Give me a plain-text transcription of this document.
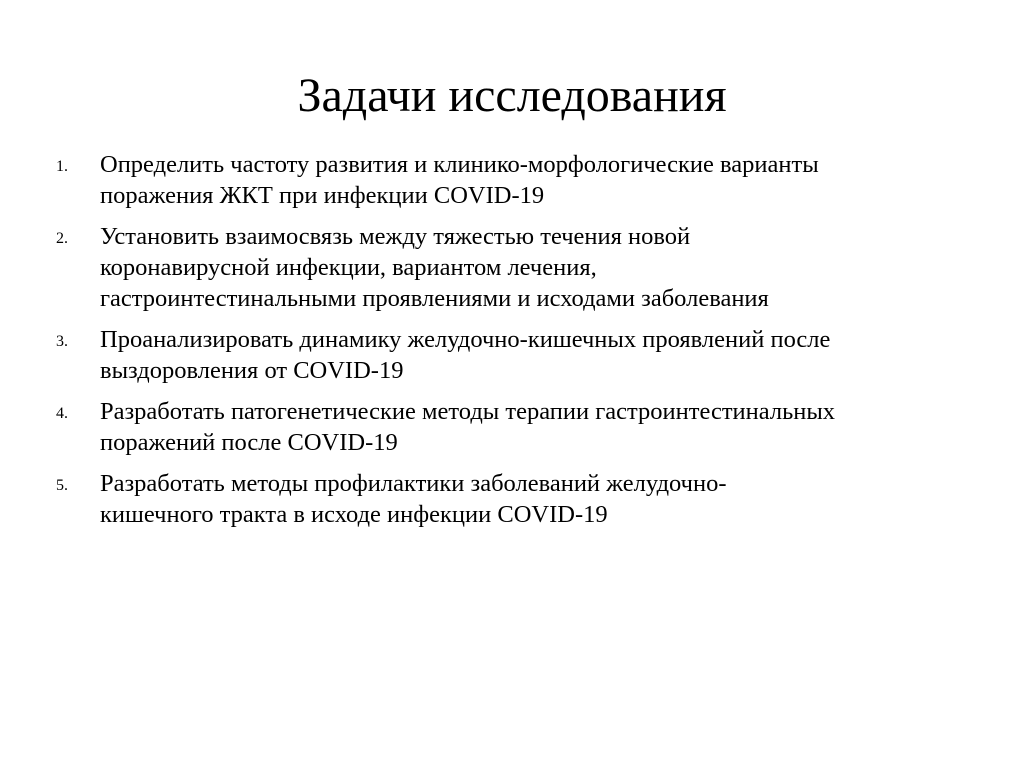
Задачи исследования
1.	Определить частоту развития и клинико-морфологические варианты
поражения ЖКТ при инфекции COVID-19
2.	Установить взаимосвязь между тяжестью течения новой
коронавирусной инфекции, вариантом лечения,
гастроинтестинальными проявлениями и исходами заболевания
3.	Проанализировать динамику желудочно-кишечных проявлений после
выздоровления от COVID-19
4.	Разработать патогенетические методы терапии гастроинтестинальных
поражений после COVID-19
5.	Разработать методы профилактики заболеваний желудочно-
кишечного тракта в исходе инфекции COVID-19
